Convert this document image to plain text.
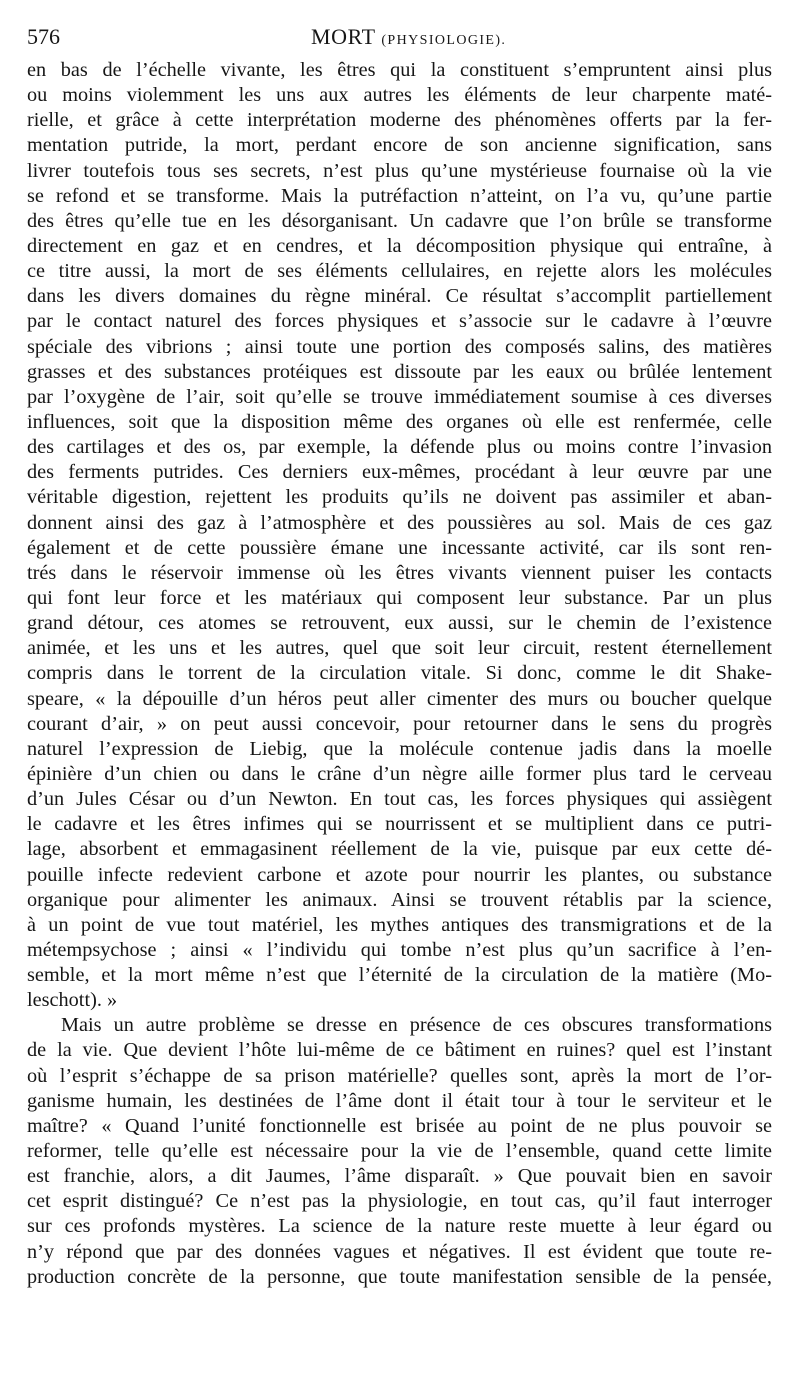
576	MORT (PHYSIOLOGIE).
en bas de l’échelle vivante, les êtres qui la constituent s’empruntent ainsi plus
ou moins violemment les uns aux autres les éléments de leur charpente maté-
rielle, et grâce à cette interprétation moderne des phénomènes offerts par la fer-
mentation putride, la mort, perdant encore de son ancienne signification, sans
livrer toutefois tous ses secrets, n’est plus qu’une mystérieuse fournaise où la vie
se refond et se transforme. Mais la putréfaction n’atteint, on l’a vu, qu’une partie
des êtres qu’elle tue en les désorganisant. Un cadavre que l’on brûle se transforme
directement en gaz et en cendres, et la décomposition physique qui entraîne, à
ce titre aussi, la mort de ses éléments cellulaires, en rejette alors les molécules
dans les divers domaines du règne minéral. Ce résultat s’accomplit partiellement
par le contact naturel des forces physiques et s’associe sur le cadavre à l’œuvre
spéciale des vibrions ; ainsi toute une portion des composés salins, des matières
grasses et des substances protéiques est dissoute par les eaux ou brûlée lentement
par l’oxygène de l’air, soit qu’elle se trouve immédiatement soumise à ces diverses
influences, soit que la disposition même des organes où elle est renfermée, celle
des cartilages et des os, par exemple, la défende plus ou moins contre l’invasion
des ferments putrides. Ces derniers eux-mêmes, procédant à leur œuvre par une
véritable digestion, rejettent les produits qu’ils ne doivent pas assimiler et aban-
donnent ainsi des gaz à l’atmosphère et des poussières au sol. Mais de ces gaz
également et de cette poussière émane une incessante activité, car ils sont ren-
trés dans le réservoir immense où les êtres vivants viennent puiser les contacts
qui font leur force et les matériaux qui composent leur substance. Par un plus
grand détour, ces atomes se retrouvent, eux aussi, sur le chemin de l’existence
animée, et les uns et les autres, quel que soit leur circuit, restent éternellement
compris dans le torrent de la circulation vitale. Si donc, comme le dit Shake-
speare, « la dépouille d’un héros peut aller cimenter des murs ou boucher quelque
courant d’air, » on peut aussi concevoir, pour retourner dans le sens du progrès
naturel l’expression de Liebig, que la molécule contenue jadis dans la moelle
épinière d’un chien ou dans le crâne d’un nègre aille former plus tard le cerveau
d’un Jules César ou d’un Newton. En tout cas, les forces physiques qui assiègent
le cadavre et les êtres infimes qui se nourrissent et se multiplient dans ce putri-
lage, absorbent et emmagasinent réellement de la vie, puisque par eux cette dé-
pouille infecte redevient carbone et azote pour nourrir les plantes, ou substance
organique pour alimenter les animaux. Ainsi se trouvent rétablis par la science,
à un point de vue tout matériel, les mythes antiques des transmigrations et de la
métempsychose ; ainsi « l’individu qui tombe n’est plus qu’un sacrifice à l’en-
semble, et la mort même n’est que l’éternité de la circulation de la matière (Mo-
leschott). »
Mais un autre problème se dresse en présence de ces obscures transformations
de la vie. Que devient l’hôte lui-même de ce bâtiment en ruines? quel est l’instant
où l’esprit s’échappe de sa prison matérielle? quelles sont, après la mort de l’or-
ganisme humain, les destinées de l’âme dont il était tour à tour le serviteur et le
maître? « Quand l’unité fonctionnelle est brisée au point de ne plus pouvoir se
reformer, telle qu’elle est nécessaire pour la vie de l’ensemble, quand cette limite
est franchie, alors, a dit Jaumes, l’âme disparaît. » Que pouvait bien en savoir
cet esprit distingué? Ce n’est pas la physiologie, en tout cas, qu’il faut interroger
sur ces profonds mystères. La science de la nature reste muette à leur égard ou
n’y répond que par des données vagues et négatives. Il est évident que toute re-
production concrète de la personne, que toute manifestation sensible de la pensée,
